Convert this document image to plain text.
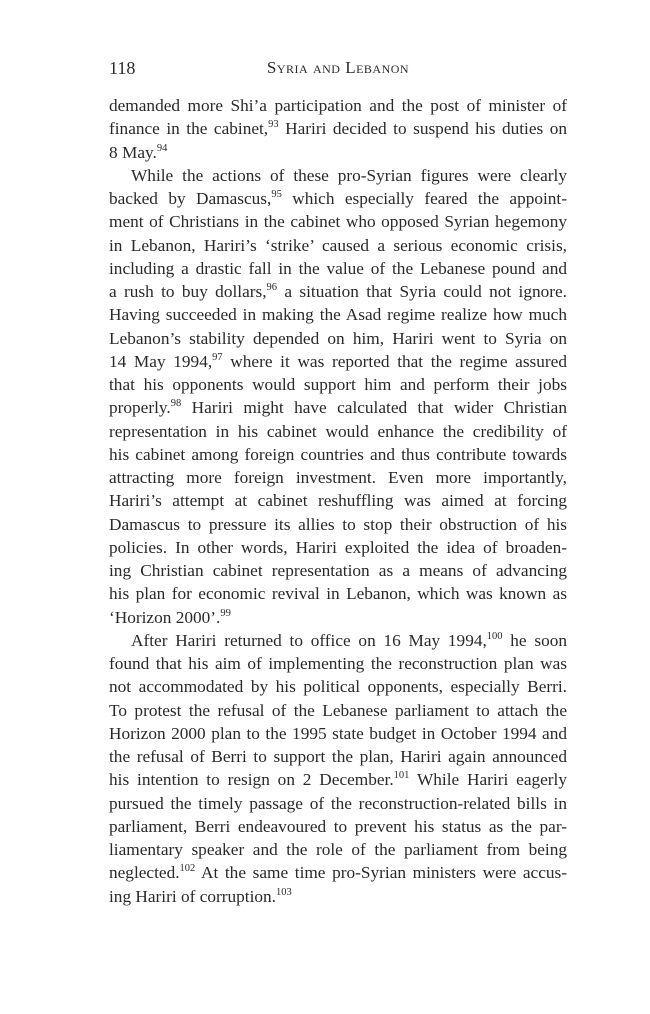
118	Syria and Lebanon
demanded more Shi’a participation and the post of minister of
finance in the cabinet,$^{93}$ Hariri decided to suspend his duties on
8 May.$^{94}$
While the actions of these pro-Syrian figures were clearly
backed by Damascus,$^{95}$ which especially feared the appoint-
ment of Christians in the cabinet who opposed Syrian hegemony
in Lebanon, Hariri’s ‘strike’ caused a serious economic crisis,
including a drastic fall in the value of the Lebanese pound and
a rush to buy dollars,$^{96}$ a situation that Syria could not ignore.
Having succeeded in making the Asad regime realize how much
Lebanon’s stability depended on him, Hariri went to Syria on
14 May 1994,97 where it was reported that the regime assured
that his opponents would support him and perform their jobs
properly.$^{98}$ Hariri might have calculated that wider Christian
representation in his cabinet would enhance the credibility of
his cabinet among foreign countries and thus contribute towards
attracting more foreign investment. Even more importantly,
Hariri’s attempt at cabinet reshuffling was aimed at forcing
Damascus to pressure its allies to stop their obstruction of his
policies. In other words, Hariri exploited the idea of broaden-
ing Christian cabinet representation as a means of advancing
his plan for economic revival in Lebanon, which was known as
‘Horizon 2000’.$^{99}$
After Hariri returned to office on 16 May 1994,$^{100}$ he soon
found that his aim of implementing the reconstruction plan was
not accommodated by his political opponents, especially Berri.
To protest the refusal of the Lebanese parliament to attach the
Horizon 2000 plan to the 1995 state budget in October 1994 and
the refusal of Berri to support the plan, Hariri again announced
his intention to resign on 2 December.$^{101}$ While Hariri eagerly
pursued the timely passage of the reconstruction-related bills in
parliament, Berri endeavoured to prevent his status as the par-
liamentary speaker and the role of the parliament from being
neglected.$^{102}$ At the same time pro-Syrian ministers were accus-
ing Hariri of corruption.$^{103}$
